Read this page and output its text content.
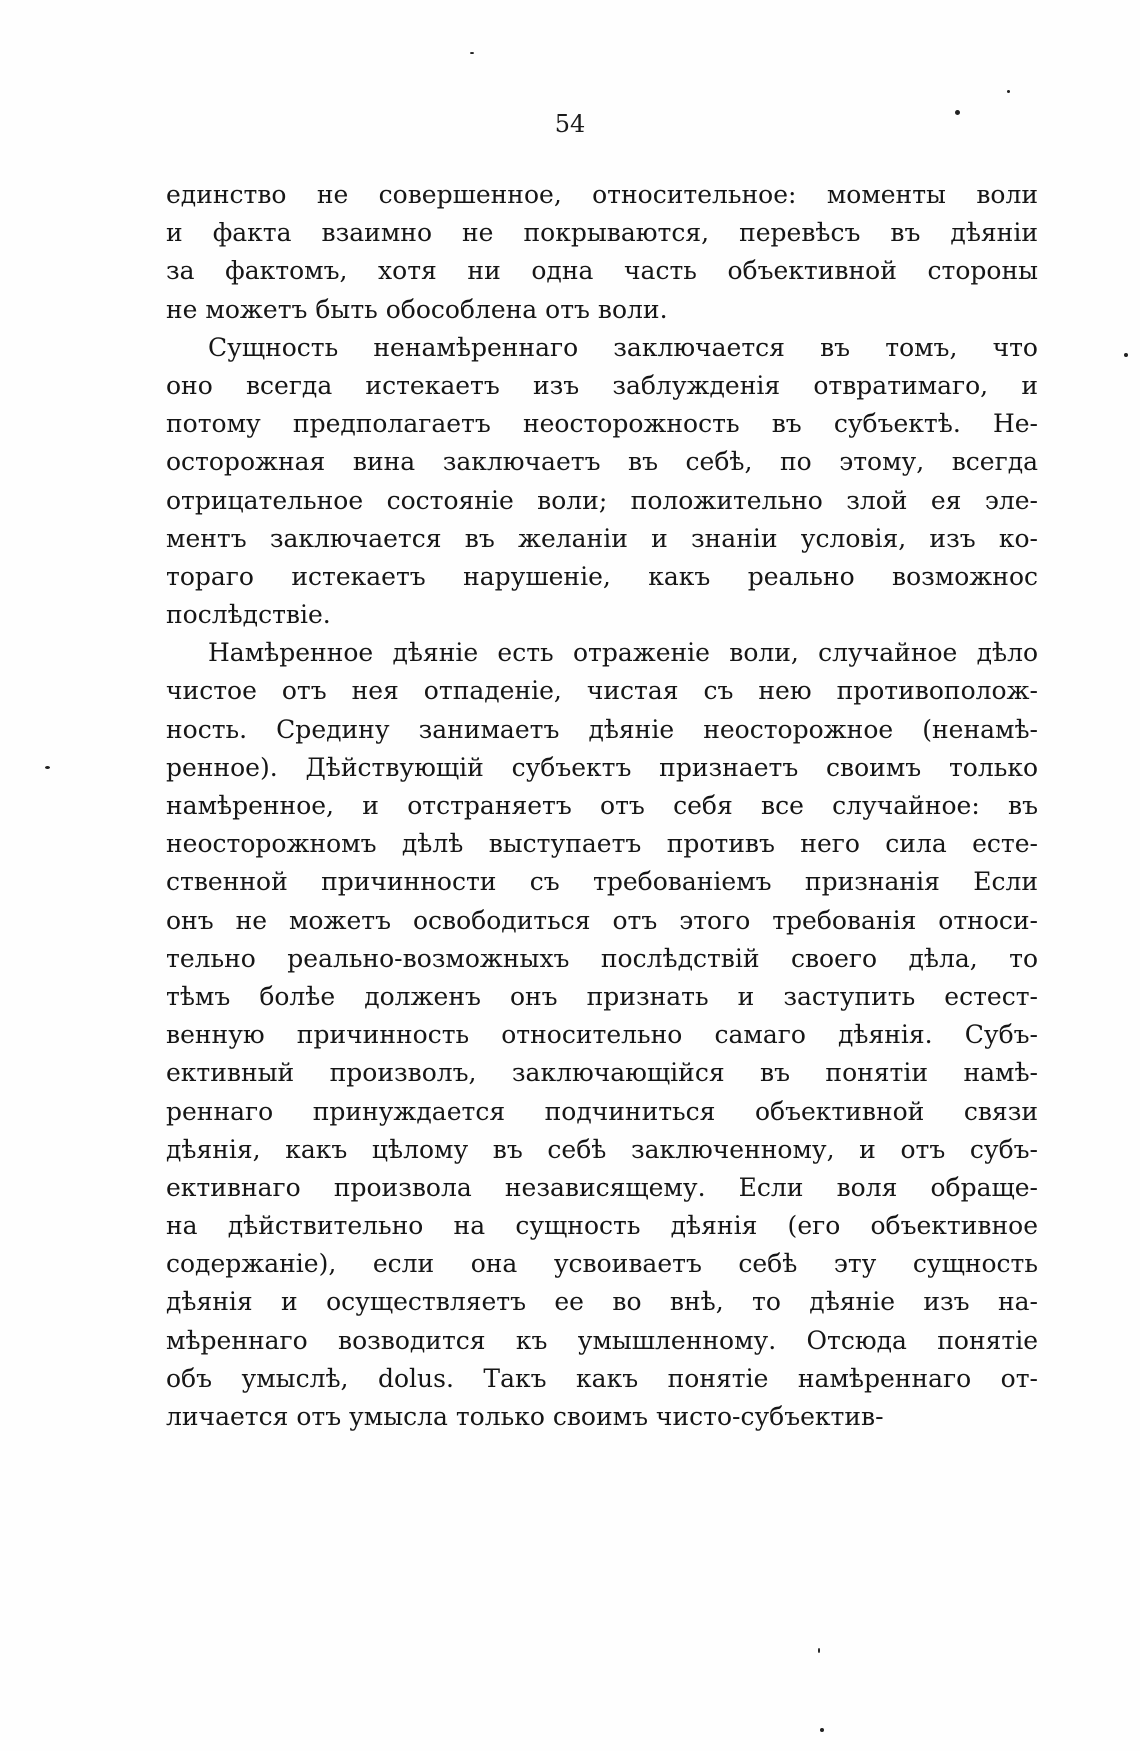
54
единство не совершенное, относительное: моменты воли
и факта взаимно не покрываются, перевѣсъ въ дѣяніи
за фактомъ, хотя ни одна часть объективной стороны
не можетъ быть обособлена отъ воли.
Сущность ненамѣреннаго заключается въ томъ, что
оно всегда истекаетъ изъ заблужденія отвратимаго, и
потому предполагаетъ неосторожность въ субъектѣ. Не-
осторожная вина заключаетъ въ себѣ, по этому, всегда
отрицательное состояніе воли; положительно злой ея элe-
ментъ заключается въ желаніи и знаніи условія, изъ ко-
тораго истекаетъ нарушеніе, какъ реально возможнос
послѣдствіе.
Намѣренное дѣяніе есть отраженіе воли, случайное дѣло
чистое отъ нея отпаденіе, чистая съ нею противополож-
ность. Средину занимаетъ дѣяніе неосторожное (ненамѣ-
ренное). Дѣйствующій субъектъ признаетъ своимъ только
намѣренное, и отстраняетъ отъ себя все случайное: въ
неосторожномъ дѣлѣ выступаетъ противъ него сила есте-
ственной причинности съ требованіемъ признанія Если
онъ не можетъ освободиться отъ этого требованія относи-
тельно реально-возможныхъ послѣдствій своего дѣла, то
тѣмъ болѣе долженъ онъ признать и заступить естест-
венную причинность относительно самаго дѣянія. Субъ-
ективный произволъ, заключающійся въ понятіи намѣ-
реннаго принуждается подчиниться объективной связи
дѣянія, какъ цѣлому въ себѣ заключенному, и отъ субъ-
ективнаго произвола независящему. Если воля обраще-
на дѣйствительно на сущность дѣянія (его объективное
содержаніе), если она усвоиваетъ себѣ эту сущность
дѣянія и осуществляетъ ее во внѣ, то дѣяніе изъ на-
мѣреннаго возводится къ умышленному. Отсюда понятіе
объ умыслѣ, dolus. Такъ какъ понятіе намѣреннаго от-
личается отъ умысла только своимъ чисто-субъектив-
